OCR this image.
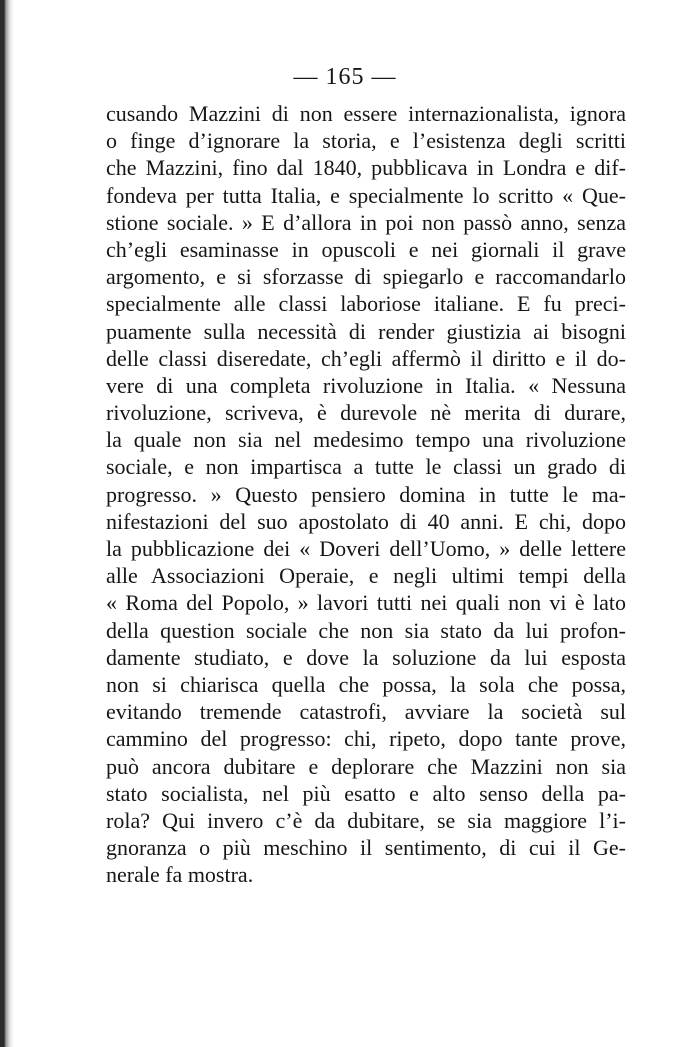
— 165 —
cusando Mazzini di non essere internazionalista, ignora
o finge d’ignorare la storia, e l’esistenza degli scritti
che Mazzini, fino dal 1840, pubblicava in Londra e dif-
fondeva per tutta Italia, e specialmente lo scritto « Que-
stione sociale. » E d’allora in poi non passò anno, senza
ch’egli esaminasse in opuscoli e nei giornali il grave
argomento, e si sforzasse di spiegarlo e raccomandarlo
specialmente alle classi laboriose italiane. E fu preci-
puamente sulla necessità di render giustizia ai bisogni
delle classi diseredate, ch’egli affermò il diritto e il do-
vere di una completa rivoluzione in Italia. « Nessuna
rivoluzione, scriveva, è durevole nè merita di durare,
la quale non sia nel medesimo tempo una rivoluzione
sociale, e non impartisca a tutte le classi un grado di
progresso. » Questo pensiero domina in tutte le ma-
nifestazioni del suo apostolato di 40 anni. E chi, dopo
la pubblicazione dei « Doveri dell’Uomo, » delle lettere
alle Associazioni Operaie, e negli ultimi tempi della
« Roma del Popolo, » lavori tutti nei quali non vi è lato
della question sociale che non sia stato da lui profon-
damente studiato, e dove la soluzione da lui esposta
non si chiarisca quella che possa, la sola che possa,
evitando tremende catastrofi, avviare la società sul
cammino del progresso: chi, ripeto, dopo tante prove,
può ancora dubitare e deplorare che Mazzini non sia
stato socialista, nel più esatto e alto senso della pa-
rola? Qui invero c’è da dubitare, se sia maggiore l’i-
gnoranza o più meschino il sentimento, di cui il Ge-
nerale fa mostra.
